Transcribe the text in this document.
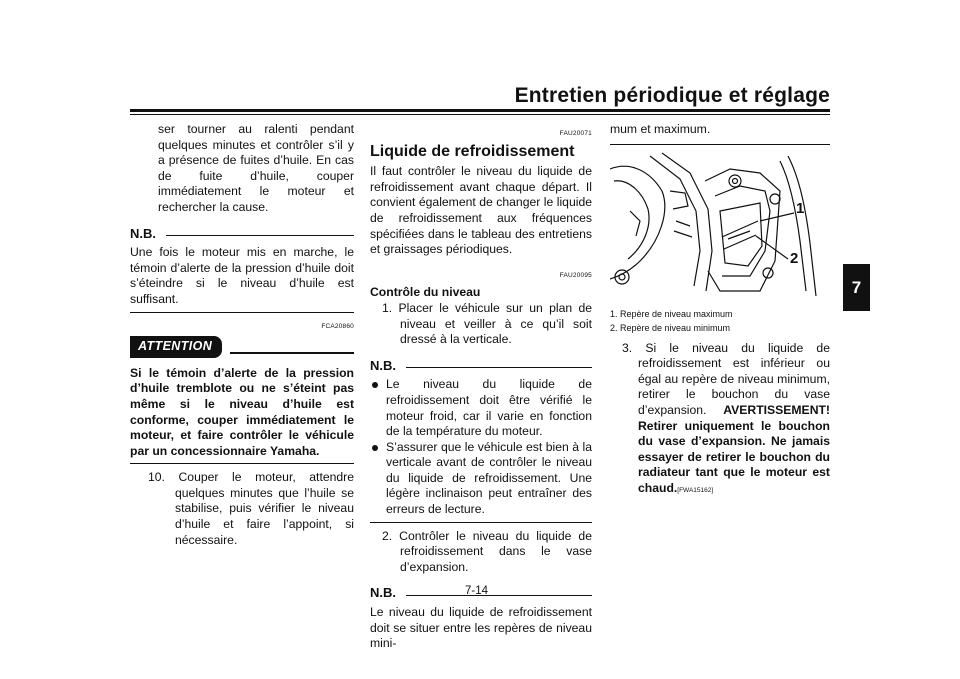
Entretien périodique et réglage
7

ser tourner au ralenti pendant quelques minutes et contrôler s’il y a présence de fuites d’huile. En cas de fuite d’huile, couper immédiatement le moteur et rechercher la cause.

N.B.

Une fois le moteur mis en marche, le témoin d’alerte de la pression d’huile doit s’éteindre si le niveau d’huile est suffisant.

FCA20860
ATTENTION

Si le témoin d’alerte de la pression d’huile tremblote ou ne s’éteint pas même si le niveau d’huile est conforme, couper immédiatement le moteur, et faire contrôler le véhicule par un concessionnaire Yamaha.

10. Couper le moteur, attendre quelques minutes que l’huile se stabilise, puis vérifier le niveau d’huile et faire l’appoint, si nécessaire.

FAU20071
Liquide de refroidissement

Il faut contrôler le niveau du liquide de refroidissement avant chaque départ. Il convient également de changer le liquide de refroidissement aux fréquences spécifiées dans le tableau des entretiens et graissages périodiques.

FAU20095

Contrôle du niveau

1. Placer le véhicule sur un plan de niveau et veiller à ce qu’il soit dressé à la verticale.

N.B.

Le niveau du liquide de refroidissement doit être vérifié le moteur froid, car il varie en fonction de la température du moteur.

S’assurer que le véhicule est bien à la verticale avant de contrôler le niveau du liquide de refroidissement. Une légère inclinaison peut entraîner des erreurs de lecture.

2. Contrôler le niveau du liquide de refroidissement dans le vase d’expansion.

N.B.

Le niveau du liquide de refroidissement doit se situer entre les repères de niveau mini-

mum et maximum.

1
2
1. Repère de niveau maximum
2. Repère de niveau minimum
3. Si le niveau du liquide de refroidissement est inférieur ou égal au repère de niveau minimum, retirer le bouchon du vase d’expansion. AVERTISSEMENT! Retirer uniquement le bouchon du vase d’expansion. Ne jamais essayer de retirer le bouchon du radiateur tant que le moteur est chaud.[FWA15162]
7-14
